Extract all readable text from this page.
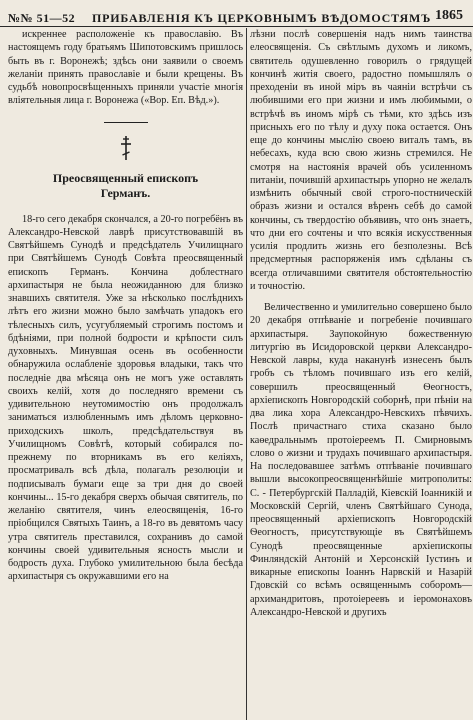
№№ 51—52 ПРИБАВЛЕНІЯ КЪ ЦЕРКОВНЫМЪ ВѢДОМОСТЯМЪ 1865

искреннее расположеніе къ православію. Въ настоящемъ году братьямъ Шипотовскимъ пришлось быть въ г. Воронежѣ; здѣсь они заявили о своемъ желаніи принять православіе и были крещены. Въ судьбѣ новопросвѣщенныхъ приняли участіе многія вліятельныя лица г. Воронежа («Вор. Еп. Вѣд.»).

Преосвященный епископъ
Германъ.

18-го сего декабря скончался, а 20-го погребёнъ въ Александро-Невской лаврѣ присутствовавшій въ Святѣйшемъ Сунодѣ и предсѣдатель Училищнаго при Святѣйшемъ Сунодѣ Совѣта преосвященный епископъ Германъ. Кончина доблестнаго архипастыря не была неожиданною для близко знавшихъ святителя. Уже за нѣсколько послѣднихъ лѣтъ его жизни можно было замѣчать упадокъ его тѣлесныхъ силъ, усугубляемый строгимъ постомъ и бдѣніями, при полной бодрости и крѣпости силъ духовныхъ. Минувшая осень въ особенности обнаружила ослабленіе здоровья владыки, такъ что последніе два мѣсяца онъ не могъ уже оставлять своихъ келій, хотя до последняго времени съ удивительною неутомимостію онъ продолжалъ заниматься излюбленнымъ имъ дѣломъ церковно-приходскихъ школъ, предсѣдательствуя въ Училищномъ Совѣтѣ, который собирался по-прежнему по вторникамъ въ его келіяхъ, просматривалъ всѣ дѣла, полагалъ резолюціи и подписывалъ бумаги еще за три дня до своей кончины... 15-го декабря сверхъ обычая святитель, по желанію святителя, чинъ елеосвященія, 16-го пріобщился Святыхъ Таинъ, а 18-го въ девятомъ часу утра святитель преставился, сохранивъ до самой кончины своей удивительныя ясность мысли и бодрость духа. Глубоко умилительною была бесѣда архипастыря съ окружавшими его на

лѣзни послѣ совершенія надъ нимъ таинства елеосвященія. Съ свѣтлымъ духомъ и ликомъ, святитель одушевленно говорилъ о грядущей кончинѣ житія своего, радостно помышлялъ о преходеніи въ иной міръ въ чаяніи встрѣчи съ любившими его при жизни и имъ любимыми, о встрѣчѣ въ иномъ мірѣ съ тѣми, кто здѣсь изъ присныхъ его по тѣлу и духу пока остается. Онъ еще до кончины мыслію своею виталъ тамъ, въ небесахъ, куда всю свою жизнь стремился. Не смотря на настоянія врачей объ усиленномъ питаніи, почившій архипастырь упорно не желалъ измѣнить обычный свой строго-постническій образъ жизни и остался вѣренъ себѣ до самой кончины, съ твердостію объявивъ, что онъ знаетъ, что дни его сочтены и что всякія искусственныя усилія продлить жизнь его безполезны. Всѣ предсмертныя распоряженія имъ сдѣланы съ всегда отличавшими святителя обстоятельностію и точностію.

Величественно и умилительно совершено было 20 декабря отпѣваніе и погребеніе почившаго архипастыря. Заупокойную божественную литургію въ Исидоровской церкви Александро-Невской лавры, куда наканунѣ изнесенъ былъ гробъ съ тѣломъ почившаго изъ его келій, совершилъ преосвященный Ѳеогностъ, архіепископъ Новгородскій соборнѣ, при пѣніи на два лика хора Александро-Невскихъ пѣвчихъ. Послѣ причастнаго стиха сказано было каѳедральнымъ протоіереемъ П. Смирновымъ слово о жизни и трудахъ почившаго архипастыря. На последовавшее затѣмъ отпѣваніе почившаго вышли высокопреосвященнѣйшіе митрополиты: С. - Петербургскій Палладій, Кіевскій Іоанникій и Московскій Сергій, членъ Святѣйшаго Сунода, преосвященный архіепископъ Новгородскій Ѳеогностъ, присутствующіе въ Святѣйшемъ Сунодѣ преосвященные архіепископы Финляндскій Антоній и Херсонскій Іустинъ и викарные епископы Іоаннъ Нарвскій и Назарій Гдовскій со всѣмъ освященнымъ соборомъ—архимандритовъ, протоіереевъ и іеромонаховъ Александро-Невской и другихъ
